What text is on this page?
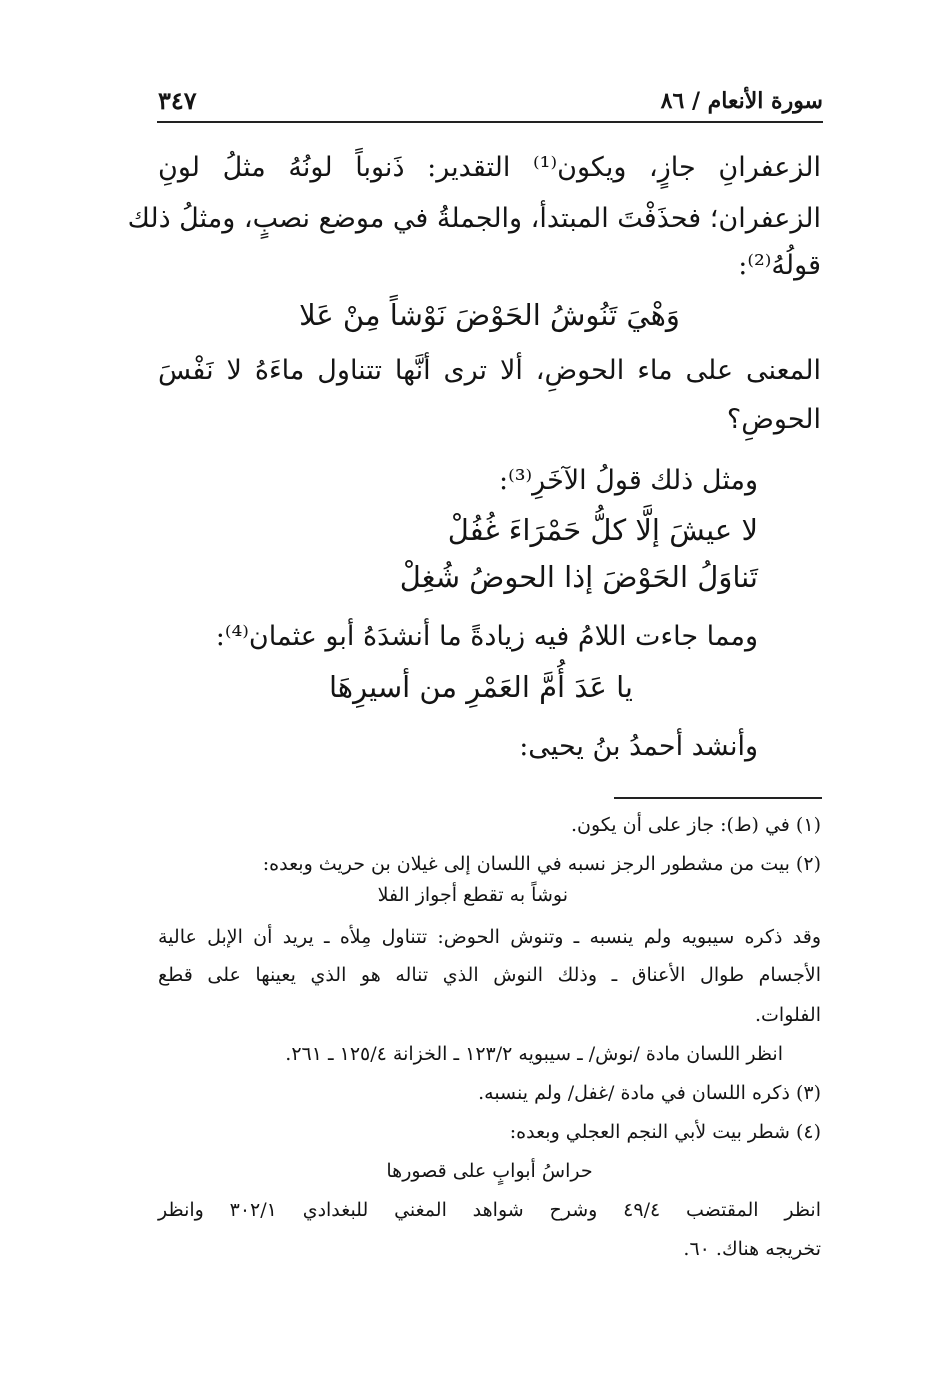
سورة الأنعام / ٨٦
٣٤٧
الزعفرانِ جازٍ، ويكون⁽¹⁾ التقدير: ذَنوباً لونُهُ مثلُ لونِ
الزعفران؛ فحذَفْتَ المبتدأ، والجملةُ في موضع نصبٍ، ومثلُ ذلك
قولُهُ⁽²⁾:
وَهْيَ تَنُوشُ الحَوْضَ نَوْشاً مِنْ عَلا
المعنى على ماء الحوضِ، ألا ترى أنَّها تتناول ماءَهُ لا نَفْسَ
الحوضِ؟
ومثل ذلك قولُ الآخَرِ⁽³⁾:
لا عيشَ إلَّا كلُّ حَمْرَاءَ غُفُلْ
تَناوَلُ الحَوْضَ إذا الحوضُ شُغِلْ
ومما جاءت اللامُ فيه زيادةً ما أنشدَهُ أبو عثمان⁽⁴⁾:
يا عَدَ أُمَّ العَمْرِ من أسيرِهَا
وأنشد أحمدُ بنُ يحيى:
(١) في (ط): جاز على أن يكون.
(٢) بيت من مشطور الرجز نسبه في اللسان إلى غيلان بن حريث وبعده:
نوشاً به تقطع أجواز الفلا
وقد ذكره سيبويه ولم ينسبه ـ وتنوش الحوض: تتناول مِلأه ـ يريد أن الإبل عالية
الأجسام طوال الأعناق ـ وذلك النوش الذي تناله هو الذي يعينها على قطع
الفلوات.
انظر اللسان مادة /نوش/ ـ سيبويه ١٢٣/٢ ـ الخزانة ١٢٥/٤ ـ ٢٦١.
(٣) ذكره اللسان في مادة /غفل/ ولم ينسبه.
(٤) شطر بيت لأبي النجم العجلي وبعده:
حراسُ أبوابٍ على قصورها
انظر المقتضب ٤٩/٤ وشرح شواهد المغني للبغدادي ٣٠٢/١ وانظر
تخريجه هناك. ٦٠.
